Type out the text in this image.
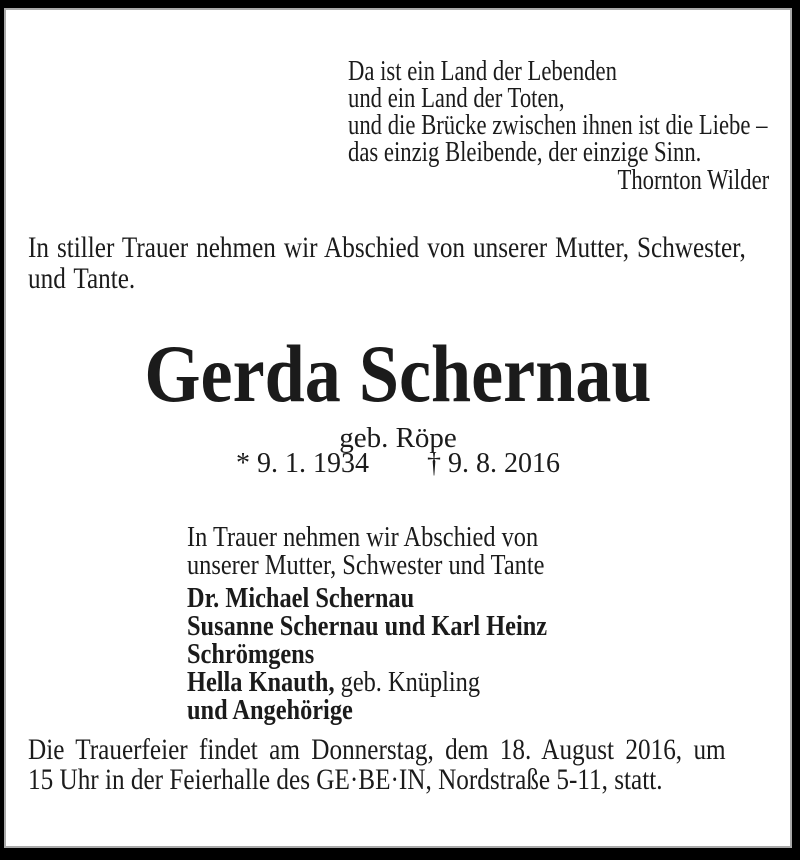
Da ist ein Land der Lebenden
und ein Land der Toten,
und die Brücke zwischen ihnen ist die Liebe –
das einzig Bleibende, der einzige Sinn.
Thornton Wilder
In stiller Trauer nehmen wir Abschied von unserer Mutter, Schwester,
und Tante.
Gerda Schernau
geb. Röpe
* 9. 1. 1934 † 9. 8. 2016
In Trauer nehmen wir Abschied von
unserer Mutter, Schwester und Tante
Dr. Michael Schernau
Susanne Schernau und Karl Heinz Schrömgens
Hella Knauth, geb. Knüpling
und Angehörige
Die Trauerfeier findet am Donnerstag, dem 18. August 2016, um
15 Uhr in der Feierhalle des GE·BE·IN, Nordstraße 5-11, statt.
